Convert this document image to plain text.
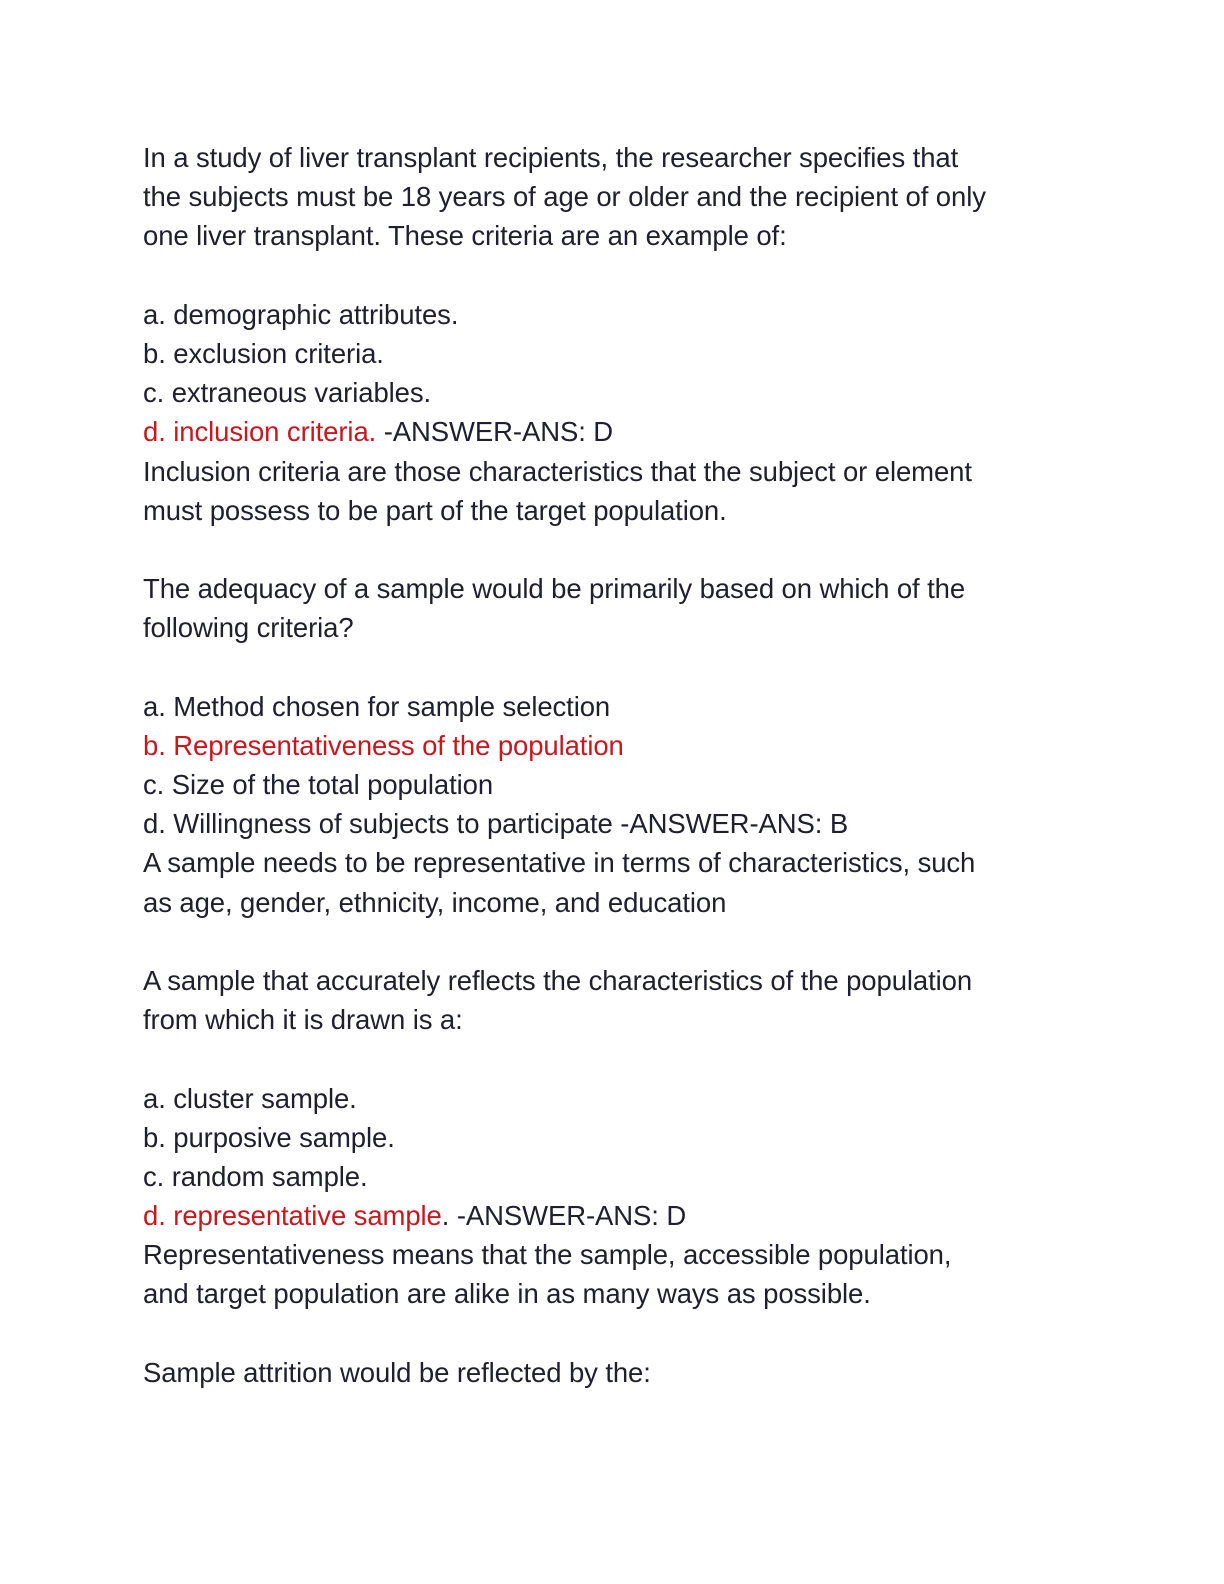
In a study of liver transplant recipients, the researcher specifies that
the subjects must be 18 years of age or older and the recipient of only
one liver transplant. These criteria are an example of:
a. demographic attributes.
b. exclusion criteria.
c. extraneous variables.
d. inclusion criteria. -ANSWER-ANS: D
Inclusion criteria are those characteristics that the subject or element
must possess to be part of the target population.
The adequacy of a sample would be primarily based on which of the
following criteria?
a. Method chosen for sample selection
b. Representativeness of the population
c. Size of the total population
d. Willingness of subjects to participate -ANSWER-ANS: B
A sample needs to be representative in terms of characteristics, such
as age, gender, ethnicity, income, and education
A sample that accurately reflects the characteristics of the population
from which it is drawn is a:
a. cluster sample.
b. purposive sample.
c. random sample.
d. representative sample. -ANSWER-ANS: D
Representativeness means that the sample, accessible population,
and target population are alike in as many ways as possible.
Sample attrition would be reflected by the:
